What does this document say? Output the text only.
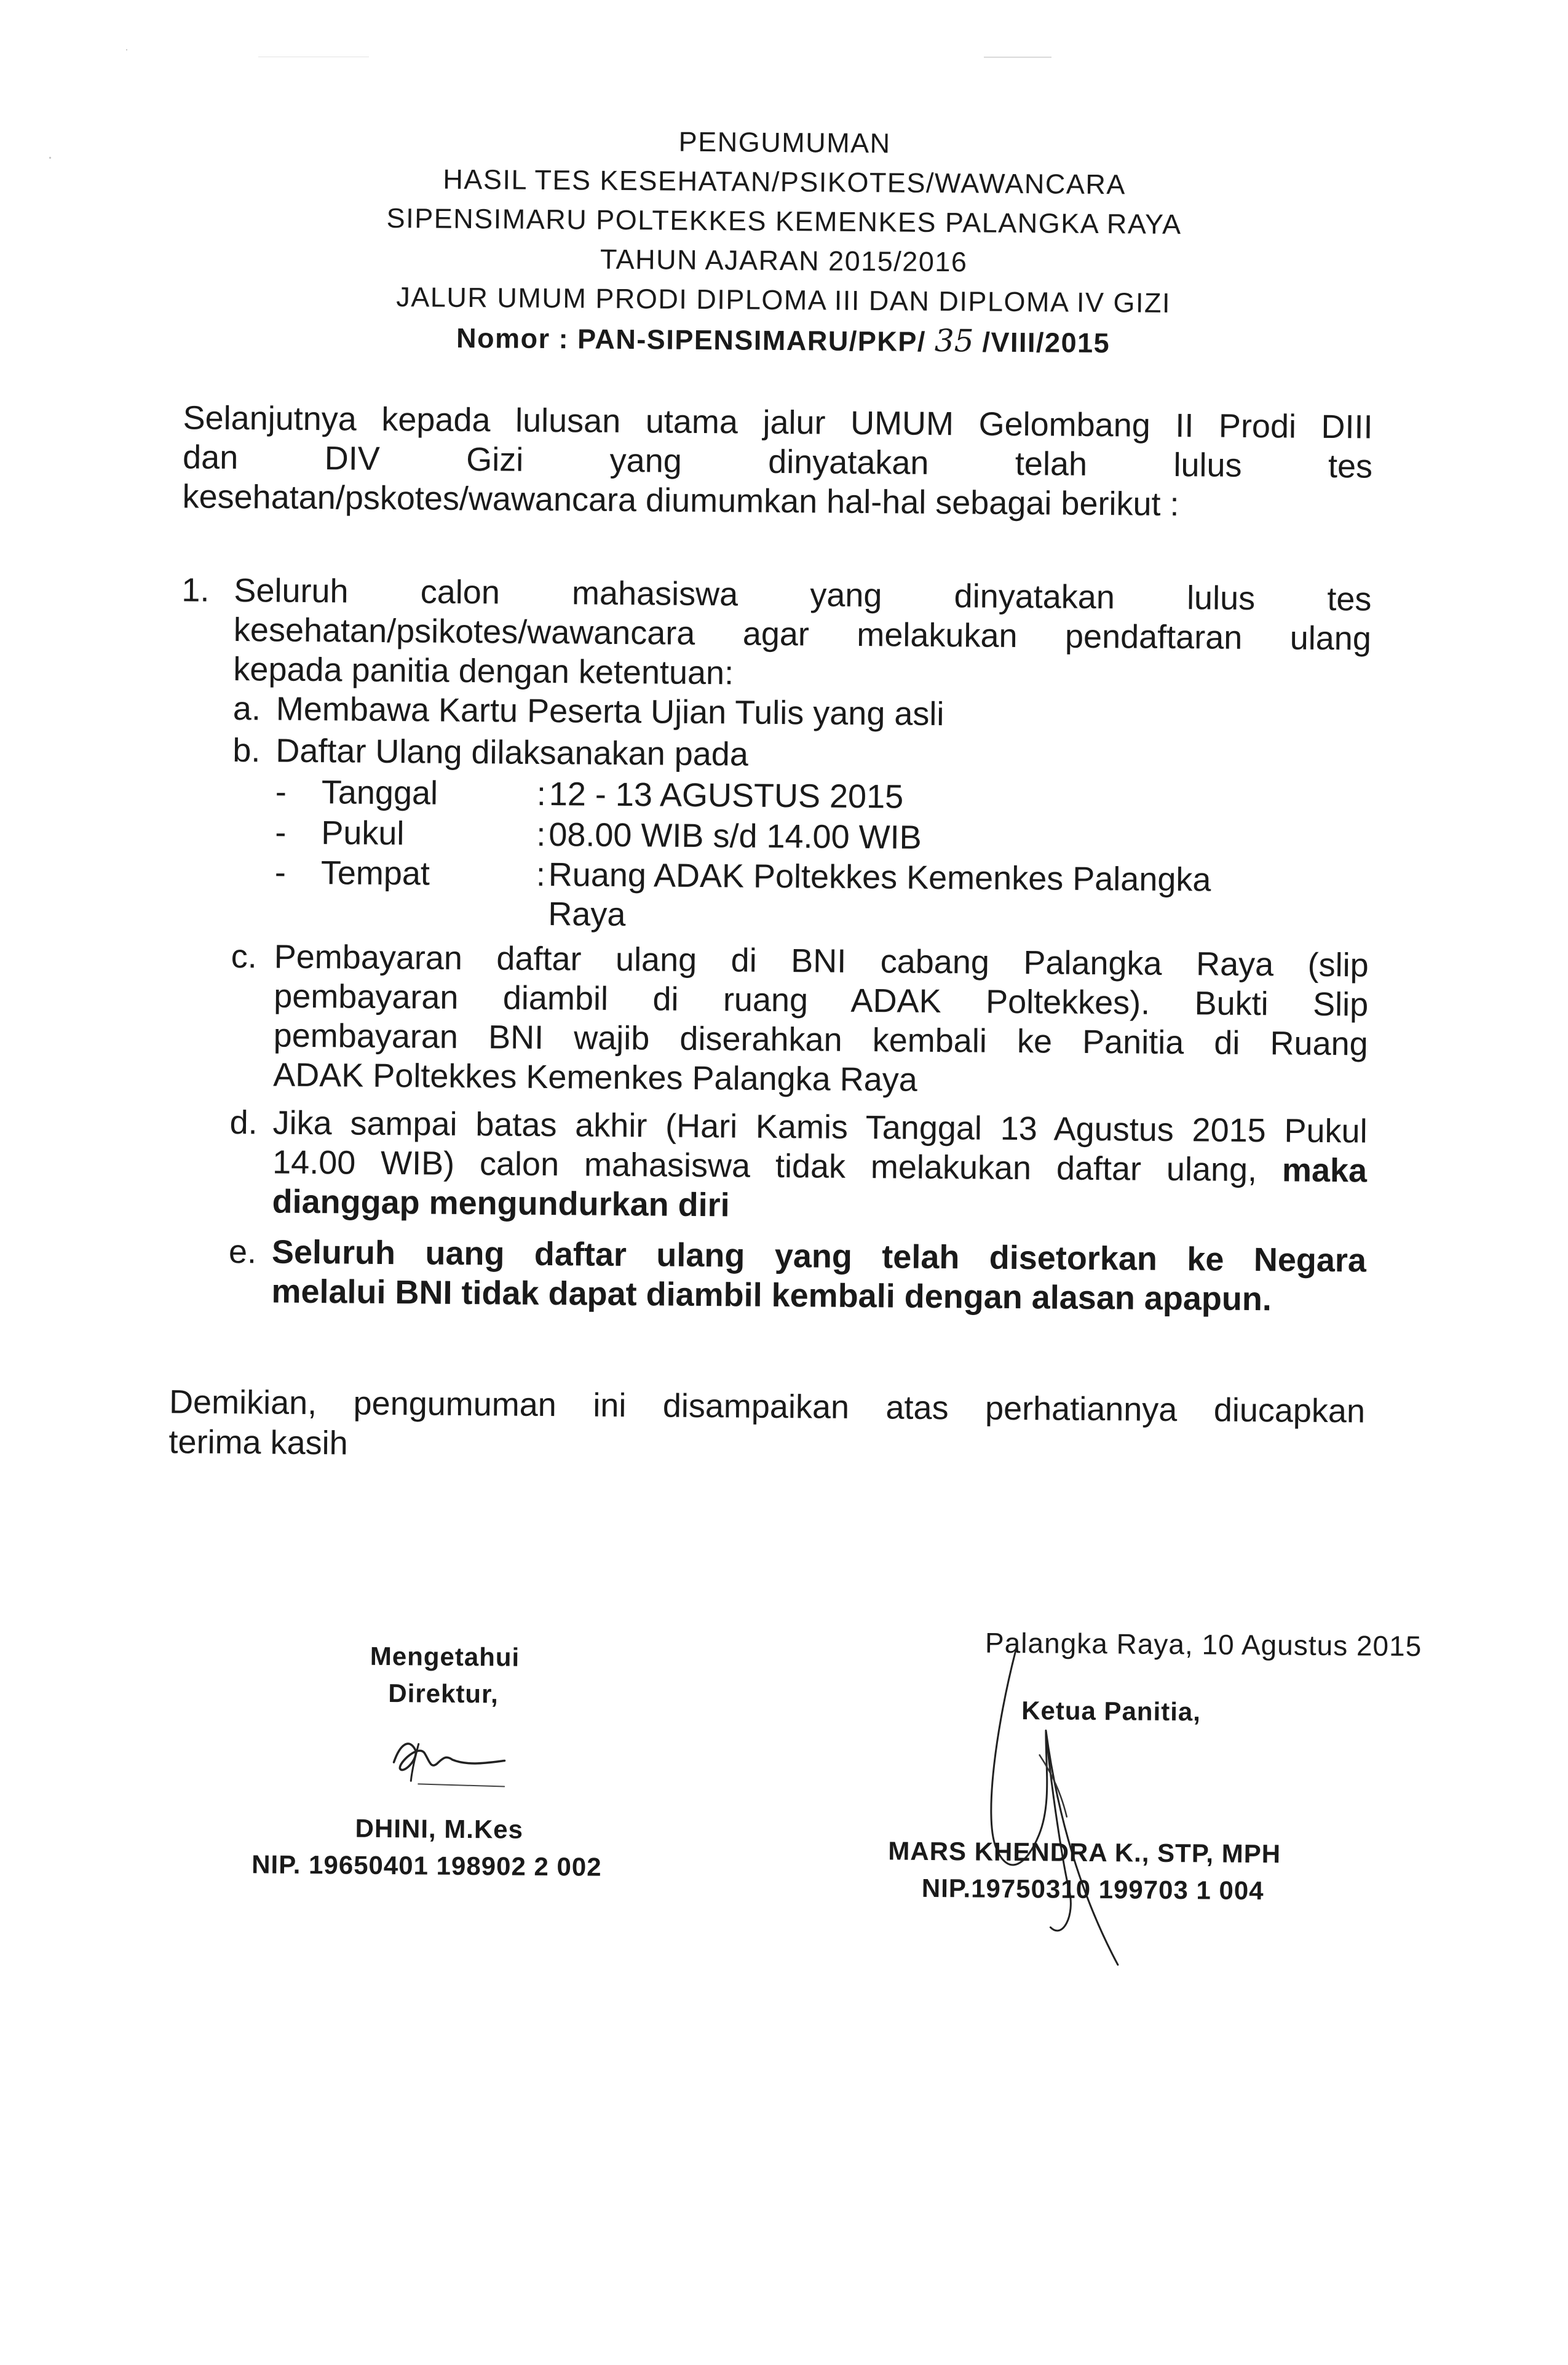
PENGUMUMAN
HASIL TES KESEHATAN/PSIKOTES/WAWANCARA
SIPENSIMARU POLTEKKES KEMENKES PALANGKA RAYA
TAHUN AJARAN 2015/2016
JALUR UMUM PRODI DIPLOMA III DAN DIPLOMA IV GIZI
Nomor : PAN-SIPENSIMARU/PKP/ 35 /VIII/2015
Selanjutnya kepada lulusan utama jalur UMUM Gelombang II Prodi DIII
dan DIV Gizi yang dinyatakan telah lulus tes
kesehatan/pskotes/wawancara diumumkan hal-hal sebagai berikut :
1. Seluruh calon mahasiswa yang dinyatakan lulus tes
kesehatan/psikotes/wawancara agar melakukan pendaftaran ulang
kepada panitia dengan ketentuan:
a. Membawa Kartu Peserta Ujian Tulis yang asli
b. Daftar Ulang dilaksanakan pada
- Tanggal	: 12 - 13 AGUSTUS 2015
- Pukul	: 08.00 WIB s/d 14.00 WIB
- Tempat	: Ruang ADAK Poltekkes Kemenkes Palangka
Raya
c. Pembayaran daftar ulang di BNI cabang Palangka Raya (slip
pembayaran diambil di ruang ADAK Poltekkes). Bukti Slip
pembayaran BNI wajib diserahkan kembali ke Panitia di Ruang
ADAK Poltekkes Kemenkes Palangka Raya
d. Jika sampai batas akhir (Hari Kamis Tanggal 13 Agustus 2015 Pukul
14.00 WIB) calon mahasiswa tidak melakukan daftar ulang, maka
dianggap mengundurkan diri
e. Seluruh uang daftar ulang yang telah disetorkan ke Negara
melalui BNI tidak dapat diambil kembali dengan alasan apapun.
Demikian, pengumuman ini disampaikan atas perhatiannya diucapkan
terima kasih
Mengetahui
Direktur,
DHINI, M.Kes
NIP. 19650401 198902 2 002
Palangka Raya, 10 Agustus 2015
Ketua Panitia,
MARS KHENDRA K., STP, MPH
NIP.19750310 199703 1 004
